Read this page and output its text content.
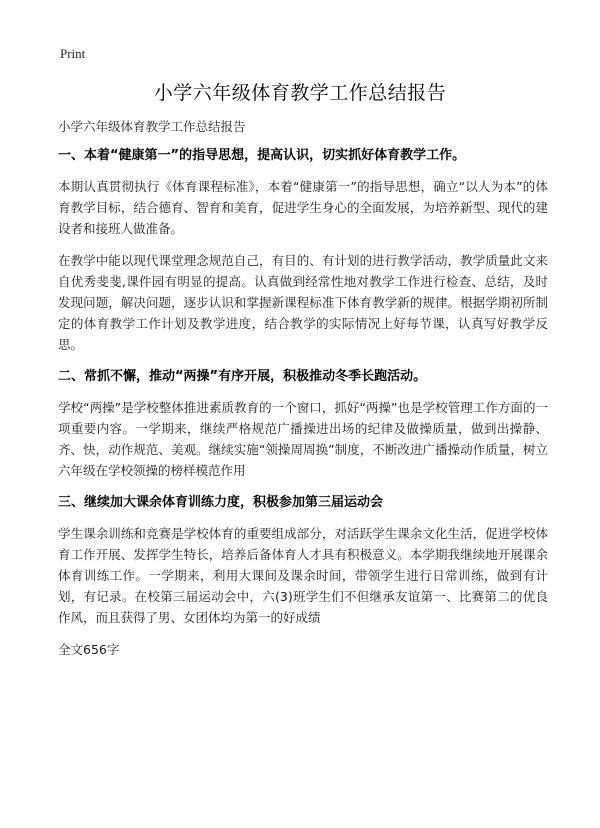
Print
小学六年级体育教学工作总结报告

小学六年级体育教学工作总结报告

一、本着“健康第一”的指导思想，提高认识，切实抓好体育教学工作。

本期认真贯彻执行《体育课程标准》，本着“健康第一”的指导思想，确立“以人为本”的体育教学目标，结合德育、智育和美育，促进学生身心的全面发展，为培养新型、现代的建设者和接班人做准备。

在教学中能以现代课堂理念规范自己，有目的、有计划的进行教学活动，教学质量此文来自优秀斐斐,课件园有明显的提高。认真做到经常性地对教学工作进行检查、总结，及时发现问题，解决问题，逐步认识和掌握新课程标准下体育教学新的规律。根据学期初所制定的体育教学工作计划及教学进度，结合教学的实际情况上好每节课，认真写好教学反思。

二、常抓不懈，推动“两操”有序开展，积极推动冬季长跑活动。

学校“两操”是学校整体推进素质教育的一个窗口，抓好“两操”也是学校管理工作方面的一项重要内容。一学期来，继续严格规范广播操进出场的纪律及做操质量，做到出操静、齐、快，动作规范、美观。继续实施“领操周周换”制度，不断改进广播操动作质量，树立六年级在学校领操的榜样模范作用

三、继续加大课余体育训练力度，积极参加第三届运动会

学生课余训练和竞赛是学校体育的重要组成部分，对活跃学生课余文化生活，促进学校体育工作开展、发挥学生特长，培养后备体育人才具有积极意义。本学期我继续地开展课余体育训练工作。一学期来，利用大课间及课余时间，带领学生进行日常训练，做到有计划，有记录。在校第三届运动会中，六(3)班学生们不但继承友谊第一、比赛第二的优良作风，而且获得了男、女团体均为第一的好成绩

全文656字
